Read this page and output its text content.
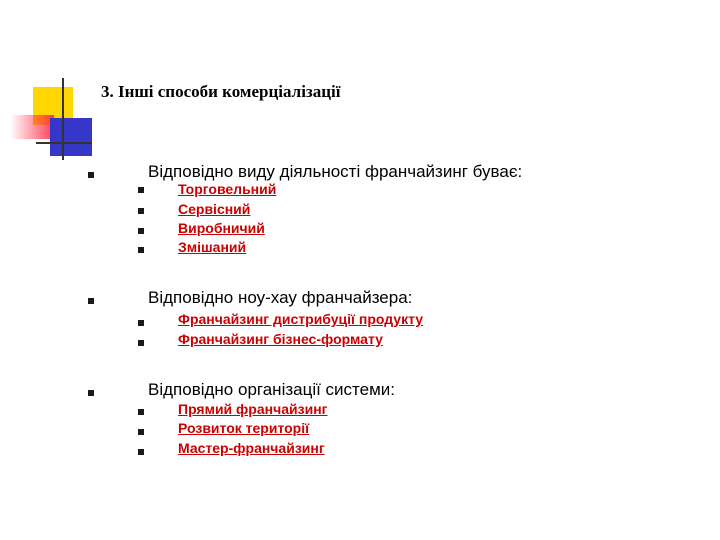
3. Інші способи комерціалізації
Відповідно виду діяльності франчайзинг буває:
Торговельний
Сервісний
Виробничий
Змішаний
Відповідно ноу-хау франчайзера:
Франчайзинг дистрибуції продукту
Франчайзинг бізнес-формату
Відповідно організації системи:
Прямий франчайзинг
Розвиток території
Мастер-франчайзинг
